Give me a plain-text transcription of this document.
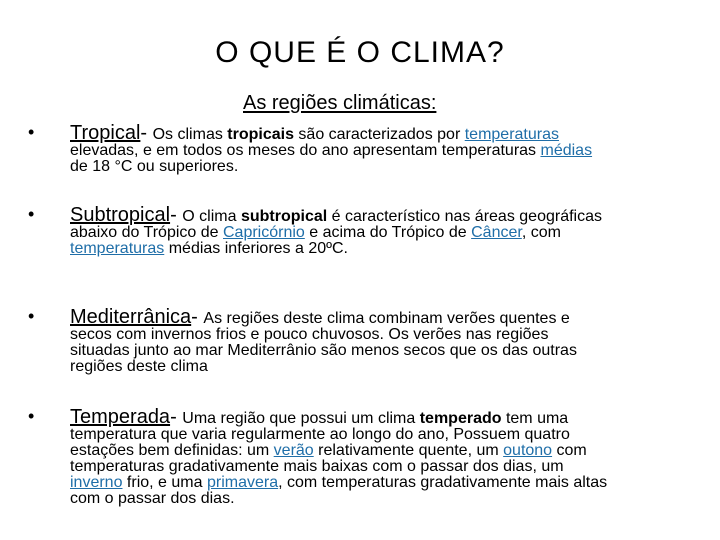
O QUE É O CLIMA?
As regiões climáticas:
• Tropical- Os climas tropicais são caracterizados por temperaturas
elevadas, e em todos os meses do ano apresentam temperaturas médias
de 18 °C ou superiores.
• Subtropical- O clima subtropical é característico nas áreas geográficas
abaixo do Trópico de Capricórnio e acima do Trópico de Câncer, com
temperaturas médias inferiores a 20ºC.
• Mediterrânica- As regiões deste clima combinam verões quentes e
secos com invernos frios e pouco chuvosos. Os verões nas regiões
situadas junto ao mar Mediterrânio são menos secos que os das outras
regiões deste clima
• Temperada- Uma região que possui um clima temperado tem uma
temperatura que varia regularmente ao longo do ano, Possuem quatro
estações bem definidas: um verão relativamente quente, um outono com
temperaturas gradativamente mais baixas com o passar dos dias, um
inverno frio, e uma primavera, com temperaturas gradativamente mais altas
com o passar dos dias.
